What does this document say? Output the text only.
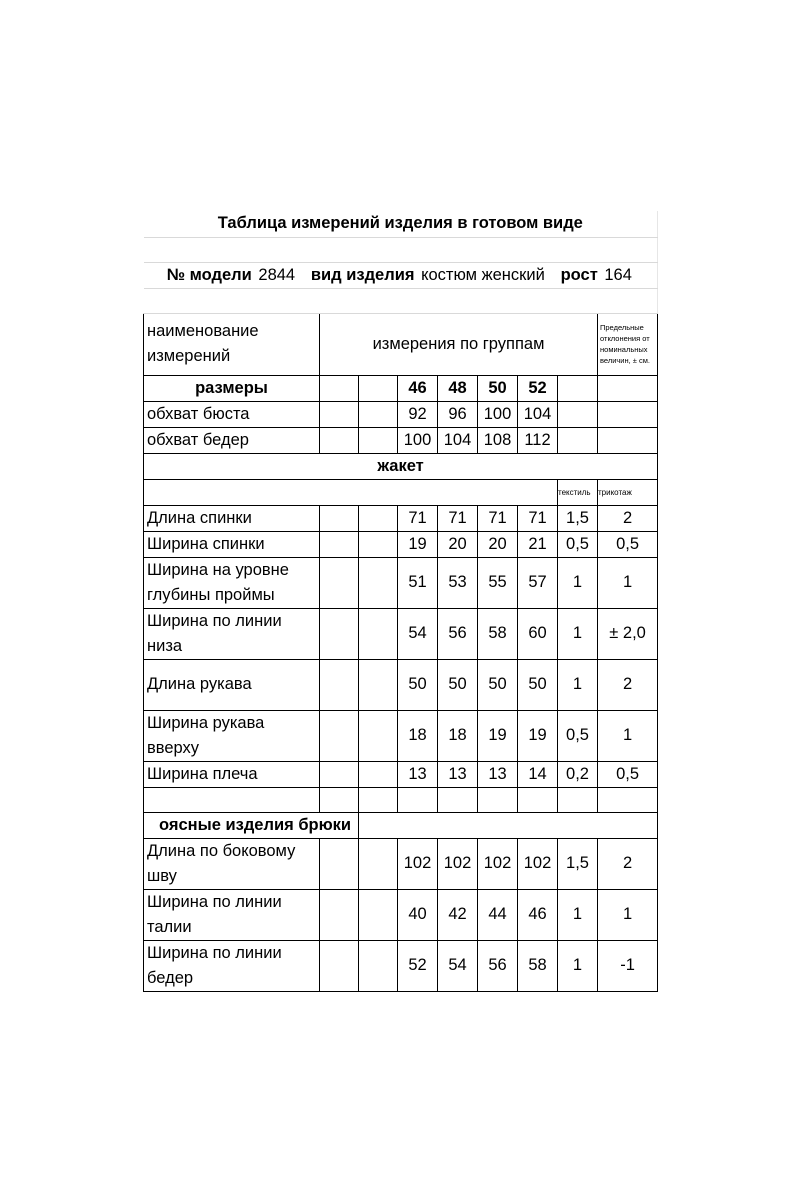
Таблица измерений изделия в готовом виде								

№ модели 2844 вид изделия костюм женский рост 164								

наименование измерений	измерения по группам							Предельные отклонения от номинальных величин, ± см.
размеры			46	48	50	52		
обхват бюста			92	96	100	104		
обхват бедер			100	104	108	112		
жакет								
							текстиль	трикотаж
Длина спинки			71	71	71	71	1,5	2
Ширина спинки			19	20	20	21	0,5	0,5
Ширина на уровне глубины проймы			51	53	55	57	1	1
Ширина по линии низа			54	56	58	60	1	± 2,0
Длина рукава			50	50	50	50	1	2
Ширина рукава вверху			18	18	19	19	0,5	1
Ширина плеча			13	13	13	14	0,2	0,5

оясные изделия брюки								
Длина по боковому шву			102	102	102	102	1,5	2
Ширина по линии талии			40	42	44	46	1	1
Ширина по линии бедер			52	54	56	58	1	-1
